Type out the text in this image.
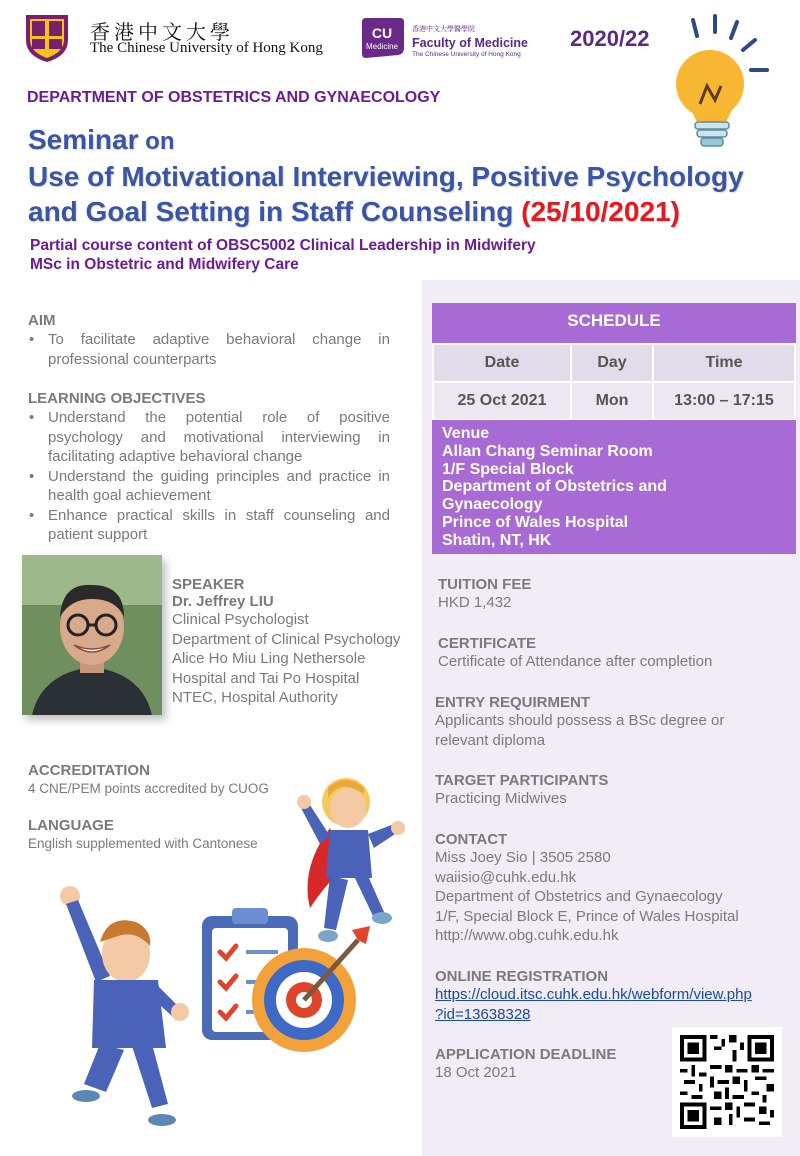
香港中文大學
The Chinese University of Hong Kong
CU
Medicine
香港中文大學醫學院
Faculty of Medicine
The Chinese University of Hong Kong
2020/22
DEPARTMENT OF OBSTETRICS AND GYNAECOLOGY
Seminar on
Use of Motivational Interviewing, Positive Psychology
and Goal Setting in Staff Counseling (25/10/2021)
Partial course content of OBSC5002 Clinical Leadership in Midwifery
MSc in Obstetric and Midwifery Care
AIM
• To facilitate adaptive behavioral change in professional counterparts
LEARNING OBJECTIVES
• Understand the potential role of positive psychology and motivational interviewing in facilitating adaptive behavioral change
• Understand the guiding principles and practice in health goal achievement
• Enhance practical skills in staff counseling and patient support
SPEAKER
Dr. Jeffrey LIU
Clinical Psychologist
Department of Clinical Psychology
Alice Ho Miu Ling Nethersole
Hospital and Tai Po Hospital
NTEC, Hospital Authority
ACCREDITATION
4 CNE/PEM points accredited by CUOG
LANGUAGE
English supplemented with Cantonese
SCHEDULE
Date	Day	Time
25 Oct 2021	Mon	13:00 – 17:15
Venue
Allan Chang Seminar Room
1/F Special Block
Department of Obstetrics and
Gynaecology
Prince of Wales Hospital
Shatin, NT, HK
TUITION FEE
HKD 1,432
CERTIFICATE
Certificate of Attendance after completion
ENTRY REQUIRMENT
Applicants should possess a BSc degree or
relevant diploma
TARGET PARTICIPANTS
Practicing Midwives
CONTACT
Miss Joey Sio | 3505 2580
waiisio@cuhk.edu.hk
Department of Obstetrics and Gynaecology
1/F, Special Block E, Prince of Wales Hospital
http://www.obg.cuhk.edu.hk
ONLINE REGISTRATION
https://cloud.itsc.cuhk.edu.hk/webform/view.php
?id=13638328
APPLICATION DEADLINE
18 Oct 2021
